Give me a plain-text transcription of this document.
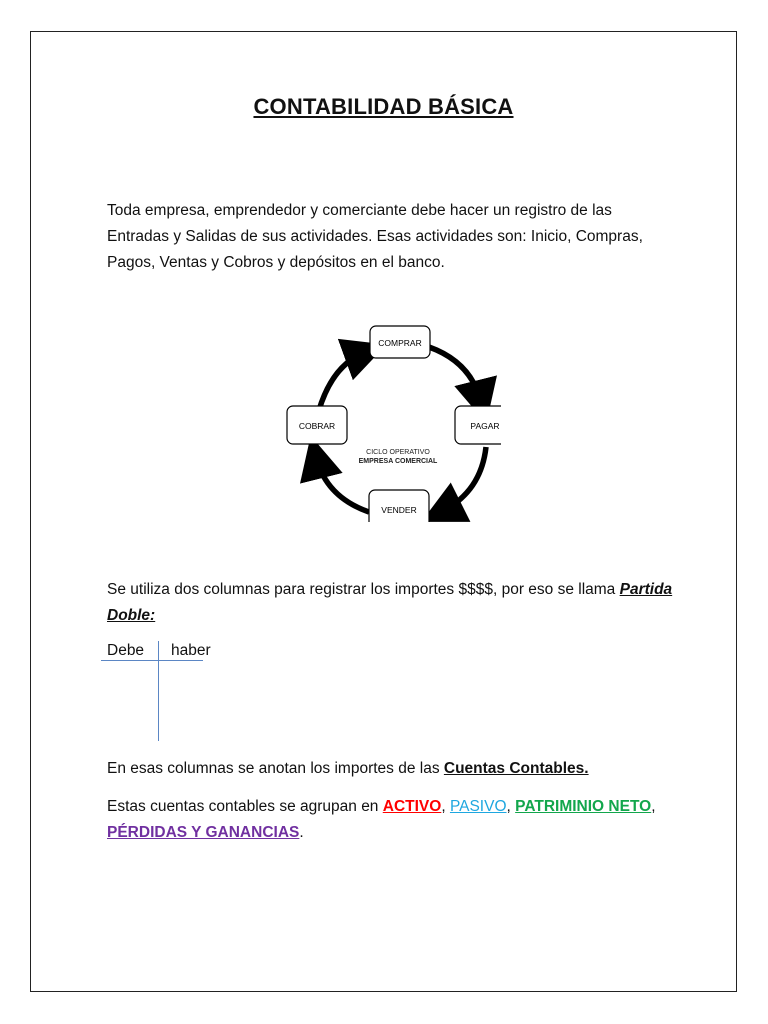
CONTABILIDAD BÁSICA
Toda empresa, emprendedor y comerciante debe hacer un registro de las
Entradas y Salidas de sus actividades. Esas actividades son: Inicio, Compras,
Pagos, Ventas y Cobros y depósitos en el banco.
CICLO OPERATIVO
EMPRESA COMERCIAL
COMPRAR
PAGAR
VENDER
COBRAR
Se utiliza dos columnas para registrar los importes $$$$, por eso se llama Partida
Doble:
Debe haber
En esas columnas se anotan los importes de las Cuentas Contables.
Estas cuentas contables se agrupan en ACTIVO, PASIVO, PATRIMINIO NETO,
PÉRDIDAS Y GANANCIAS.
